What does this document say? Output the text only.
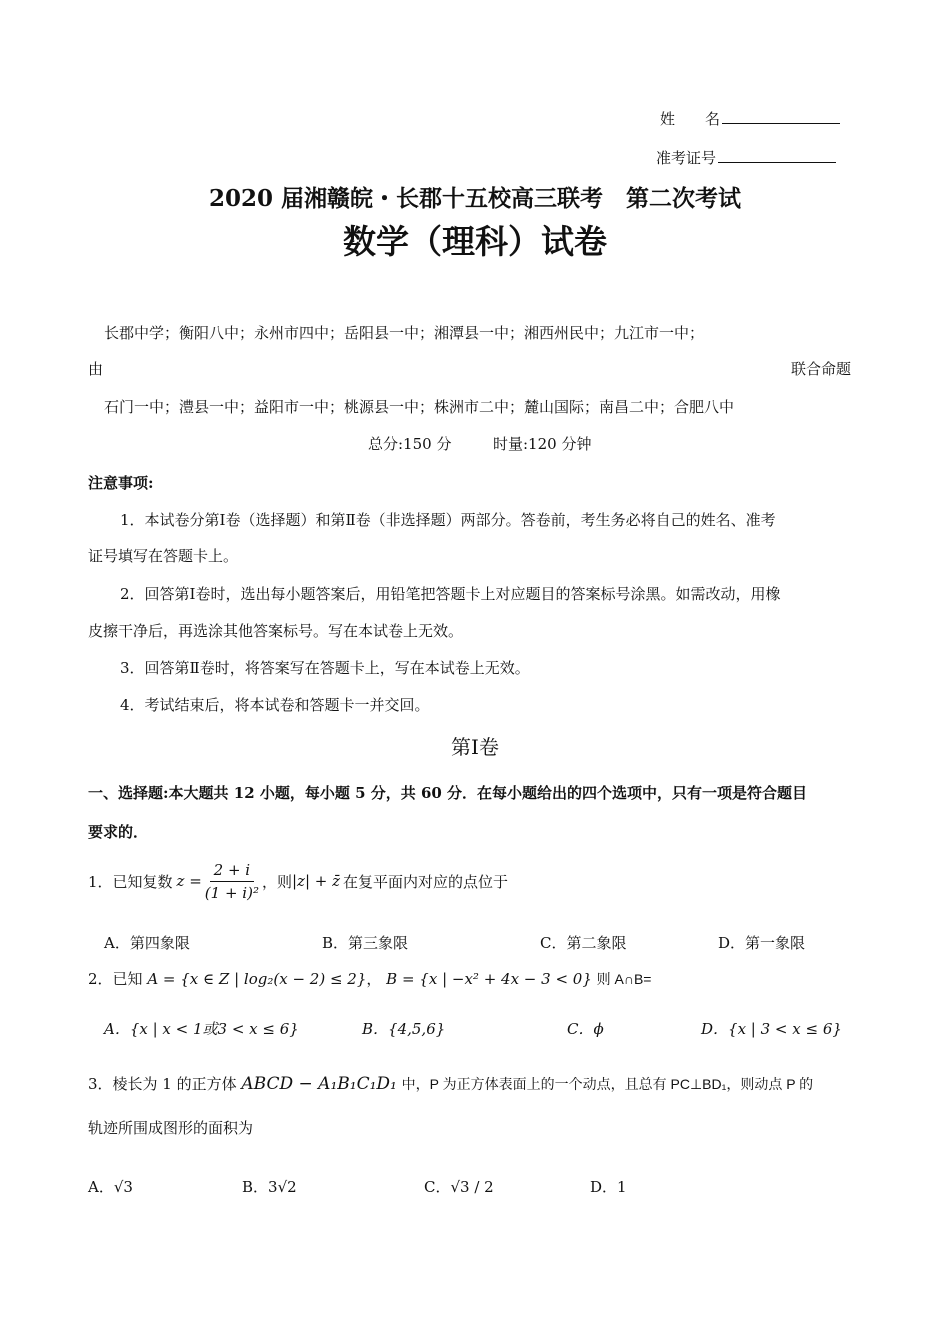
姓　　名
准考证号
2020 届湘赣皖・长郡十五校高三联考　第二次考试
数学（理科）试卷
长郡中学；衡阳八中；永州市四中；岳阳县一中；湘潭县一中；湘西州民中；九江市一中；
由	联合命题
石门一中；澧县一中；益阳市一中；桃源县一中；株洲市二中；麓山国际；南昌二中；合肥八中
总分:150 分	时量:120 分钟
注意事项:
1．本试卷分第Ⅰ卷（选择题）和第Ⅱ卷（非选择题）两部分。答卷前，考生务必将自己的姓名、准考
证号填写在答题卡上。
2．回答第Ⅰ卷时，选出每小题答案后，用铅笔把答题卡上对应题目的答案标号涂黑。如需改动，用橡
皮擦干净后，再选涂其他答案标号。写在本试卷上无效。
3．回答第Ⅱ卷时，将答案写在答题卡上，写在本试卷上无效。
4．考试结束后，将本试卷和答题卡一并交回。
第Ⅰ卷
一、选择题:本大题共 12 小题，每小题 5 分，共 60 分．在每小题给出的四个选项中，只有一项是符合题目
要求的．
1．已知复数 $z = \frac{2 + i}{\text{(1 + i)²}}$ ，则 |z| + z̄ 在复平面内对应的点位于
A．第四象限	B．第三象限	C．第二象限	D．第一象限
2．已知 A = {x ∈ Z | log₂(x − 2) ≤ 2}， B = {x | −x² + 4x − 3 < 0} 则 A∩B=
A．{x | x < 1或3 < x ≤ 6}	B．{4,5,6}	C．ϕ	D．{x | 3 < x ≤ 6}
3．棱长为 1 的正方体 ABCD − A₁B₁C₁D₁ 中，P 为正方体表面上的一个动点，且总有 PC⊥BD₁，则动点 P 的
轨迹所围成图形的面积为
A．√3	B．3√2	C．√3 / 2	D．1
